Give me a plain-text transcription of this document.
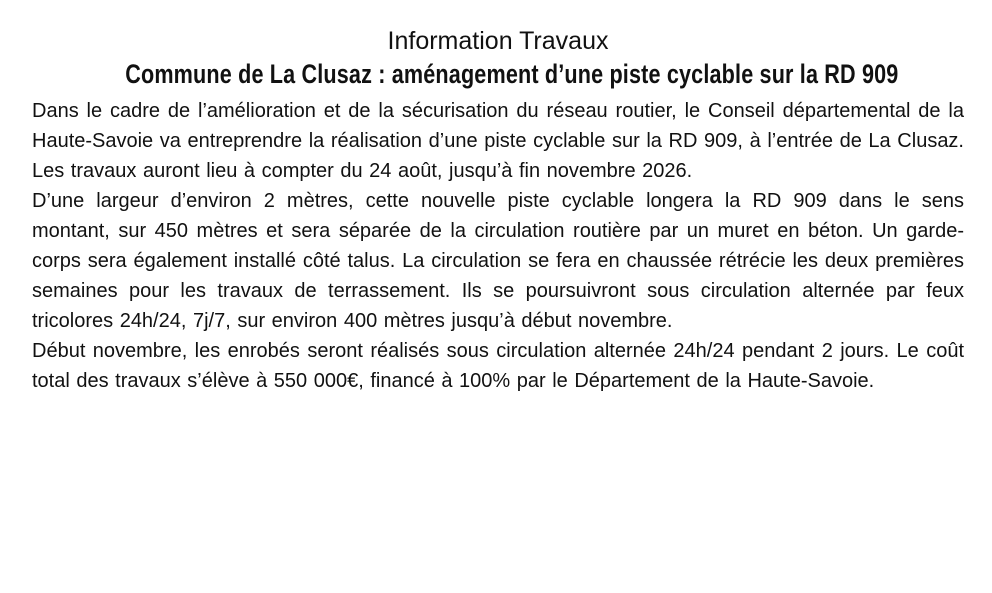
Information Travaux
Commune de La Clusaz : aménagement d’une piste cyclable sur la RD 909

Dans le cadre de l’amélioration et de la sécurisation du réseau routier, le Conseil départemental de la Haute-Savoie va entreprendre la réalisation d’une piste cyclable sur la RD 909, à l’entrée de La Clusaz. Les travaux auront lieu à compter du 24 août, jusqu’à fin novembre 2026.

D’une largeur d’environ 2 mètres, cette nouvelle piste cyclable longera la RD 909 dans le sens montant, sur 450 mètres et sera séparée de la circulation routière par un muret en béton. Un garde- corps sera également installé côté talus. La circulation se fera en chaussée rétrécie les deux premières semaines pour les travaux de terrassement. Ils se poursuivront sous circulation alternée par feux tricolores 24h/24, 7j/7, sur environ 400 mètres jusqu’à début novembre.

Début novembre, les enrobés seront réalisés sous circulation alternée 24h/24 pendant 2 jours. Le coût total des travaux s’élève à 550 000€, financé à 100% par le Département de la Haute-Savoie.
